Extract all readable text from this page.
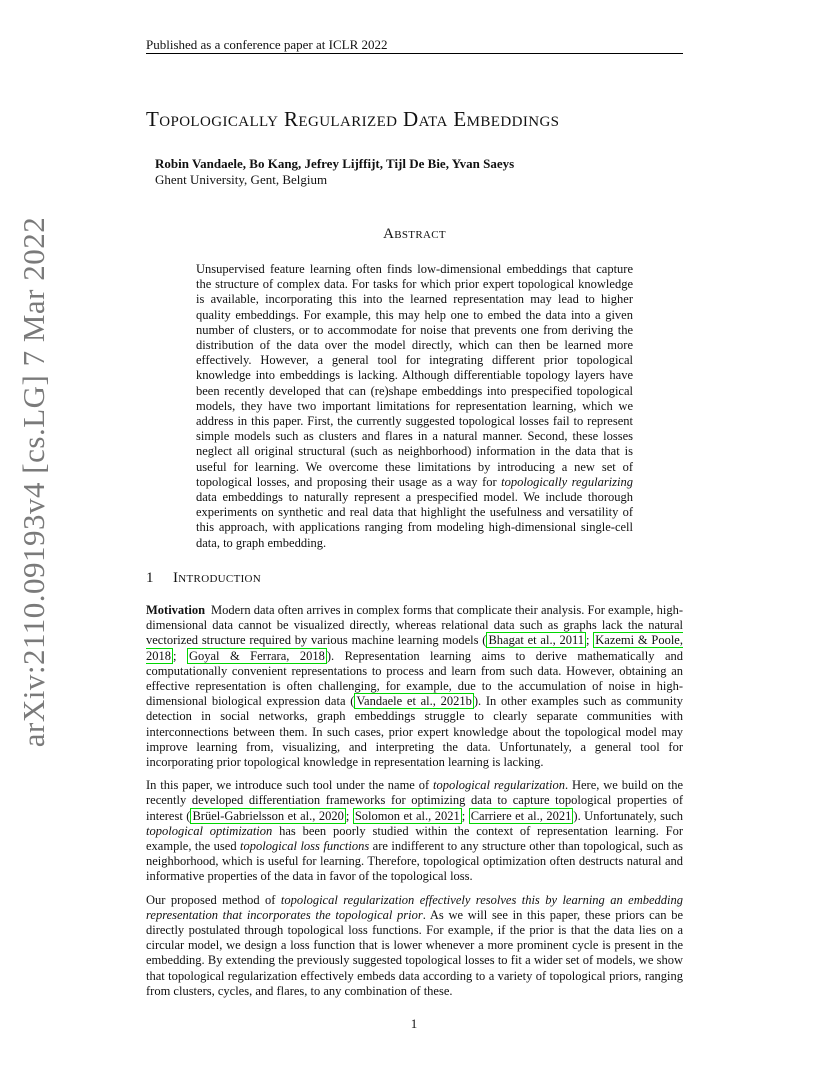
Published as a conference paper at ICLR 2022
arXiv:2110.09193v4 [cs.LG] 7 Mar 2022
Topologically Regularized Data Embeddings
Robin Vandaele, Bo Kang, Jefrey Lijffijt, Tijl De Bie, Yvan Saeys
Ghent University, Gent, Belgium
Abstract
Unsupervised feature learning often finds low-dimensional embeddings that capture the structure of complex data. For tasks for which prior expert topological knowledge is available, incorporating this into the learned representation may lead to higher quality embeddings. For example, this may help one to embed the data into a given number of clusters, or to accommodate for noise that prevents one from deriving the distribution of the data over the model directly, which can then be learned more effectively. However, a general tool for integrating different prior topological knowledge into embeddings is lacking. Although differentiable topology layers have been recently developed that can (re)shape embeddings into prespecified topological models, they have two important limitations for representation learning, which we address in this paper. First, the currently suggested topological losses fail to represent simple models such as clusters and flares in a natural manner. Second, these losses neglect all original structural (such as neighborhood) information in the data that is useful for learning. We overcome these limitations by introducing a new set of topological losses, and proposing their usage as a way for topologically regularizing data embeddings to naturally represent a prespecified model. We include thorough experiments on synthetic and real data that highlight the usefulness and versatility of this approach, with applications ranging from modeling high-dimensional single-cell data, to graph embedding.
1 Introduction

Motivation Modern data often arrives in complex forms that complicate their analysis. For example, high-dimensional data cannot be visualized directly, whereas relational data such as graphs lack the natural vectorized structure required by various machine learning models ( Bhagat et al., 2011 ; Kazemi & Poole, 2018 ; Goyal & Ferrara, 2018 ). Representation learning aims to derive mathematically and computationally convenient representations to process and learn from such data. However, obtaining an effective representation is often challenging, for example, due to the accumulation of noise in high-dimensional biological expression data ( Vandaele et al., 2021b ). In other examples such as community detection in social networks, graph embeddings struggle to clearly separate communities with interconnections between them. In such cases, prior expert knowledge about the topological model may improve learning from, visualizing, and interpreting the data. Unfortunately, a general tool for incorporating prior topological knowledge in representation learning is lacking.

In this paper, we introduce such tool under the name of topological regularization. Here, we build on the recently developed differentiation frameworks for optimizing data to capture topological properties of interest ( Brüel-Gabrielsson et al., 2020 ; Solomon et al., 2021 ; Carriere et al., 2021 ). Unfortunately, such topological optimization has been poorly studied within the context of representation learning. For example, the used topological loss functions are indifferent to any structure other than topological, such as neighborhood, which is useful for learning. Therefore, topological optimization often destructs natural and informative properties of the data in favor of the topological loss.

Our proposed method of topological regularization effectively resolves this by learning an embedding representation that incorporates the topological prior. As we will see in this paper, these priors can be directly postulated through topological loss functions. For example, if the prior is that the data lies on a circular model, we design a loss function that is lower whenever a more prominent cycle is present in the embedding. By extending the previously suggested topological losses to fit a wider set of models, we show that topological regularization effectively embeds data according to a variety of topological priors, ranging from clusters, cycles, and flares, to any combination of these.

1
